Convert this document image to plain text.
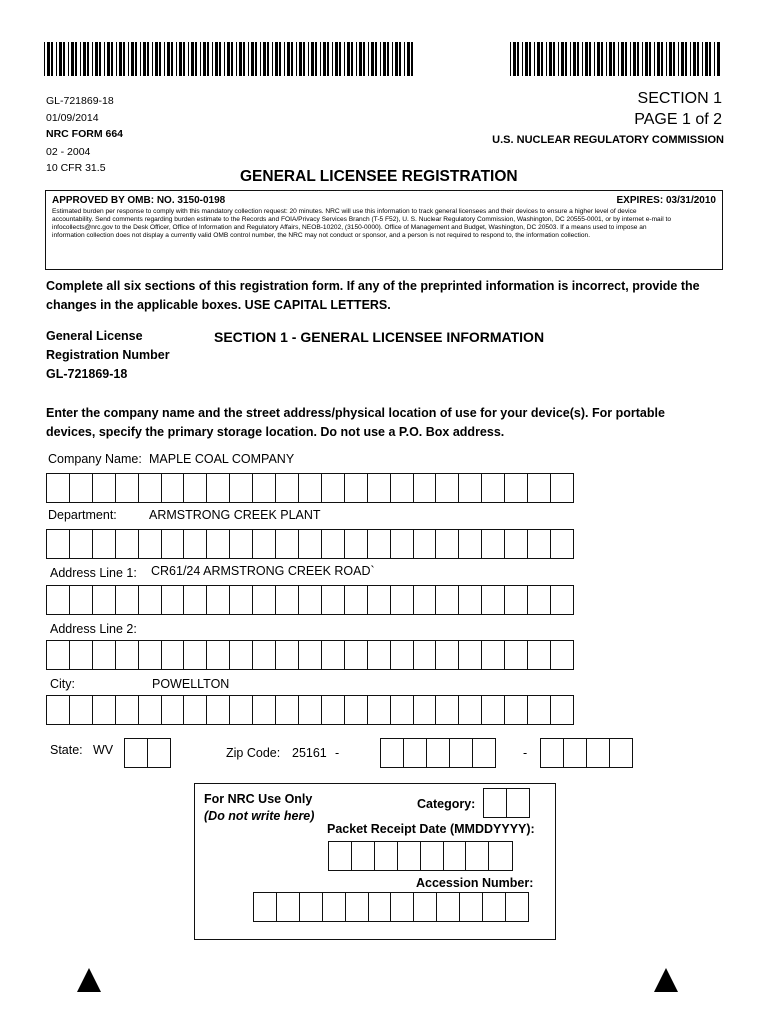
GL-721869-18
01/09/2014
NRC FORM 664
02 - 2004
10 CFR 31.5
SECTION 1
PAGE 1 of 2
U.S. NUCLEAR REGULATORY COMMISSION
GENERAL LICENSEE REGISTRATION
APPROVED BY OMB: NO. 3150-0198	EXPIRES: 03/31/2010
Estimated burden per response to comply with this mandatory collection request: 20 minutes. NRC will use this information to track general licensees and their devices to ensure a higher level of device accountability. Send comments regarding burden estimate to the Records and FOIA/Privacy Services Branch (T-5 F52), U. S. Nuclear Regulatory Commission, Washington, DC 20555-0001, or by internet e-mail to infocollects@nrc.gov to the Desk Officer, Office of Information and Regulatory Affairs, NEOB-10202, (3150-0000). Office of Management and Budget, Washington, DC 20503. If a means used to impose an information collection does not display a currently valid OMB control number, the NRC may not conduct or sponsor, and a person is not required to respond to, the information collection.
Complete all six sections of this registration form. If any of the preprinted information is incorrect, provide the changes in the applicable boxes. USE CAPITAL LETTERS.
General License
Registration Number
GL-721869-18
SECTION 1 - GENERAL LICENSEE INFORMATION
Enter the company name and the street address/physical location of use for your device(s). For portable devices, specify the primary storage location. Do not use a P.O. Box address.
Company Name: MAPLE COAL COMPANY
Department:	ARMSTRONG CREEK PLANT
Address Line 1: CR61/24 ARMSTRONG CREEK ROAD`
Address Line 2:
City:	POWELLTON
State: WV	Zip Code: 25161 -	-
For NRC Use Only
(Do not write here)
Category:
Packet Receipt Date (MMDDYYYY):
Accession Number:
